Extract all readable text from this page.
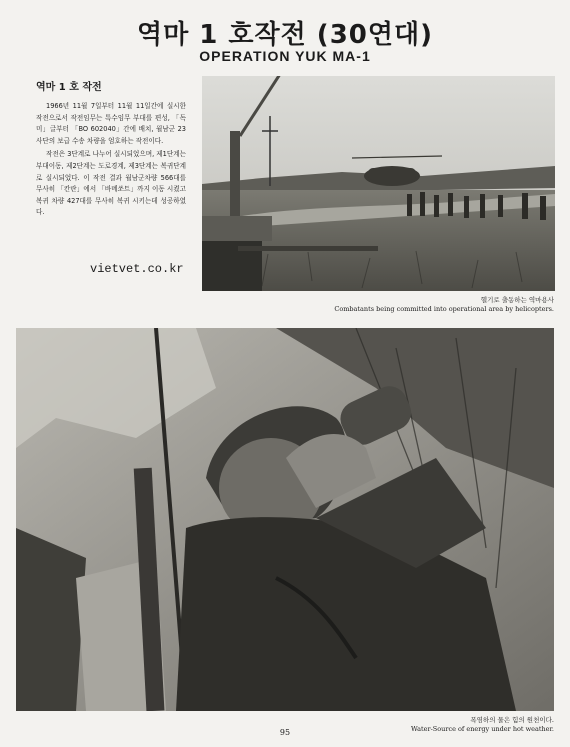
역마 1 호작전 (30연대)
OPERATION YUK MA-1
역마 1 호 작전

1966년 11월 7일부터 11월 11일간에 실시한 작전으로서 작전임무는 특수임무 부대를 편성, 「독미」글부터 「BO 602040」간에 배치, 월남군 23사단의 보급 수송 차량을 엄호하는 작전이다.

작전은 3단계로 나누어 실시되었으며, 제1단계는 부대이동, 제2단계는 도로경계, 제3단계는 복귀단계로 실시되었다. 이 작전 결과 월남군차량 566대를 무사히 「칸란」에서 「바메쏘트」까지 이동 시켰고 복귀 차량 427대를 무사히 복귀 시키는데 성공하였다.

vietvet.co.kr
헬기로 출동하는 역마용사
Combatants being committed into operational area by helicopters.
폭염하의 물은 힘의 원천이다.
Water-Source of energy under hot weather.
95
